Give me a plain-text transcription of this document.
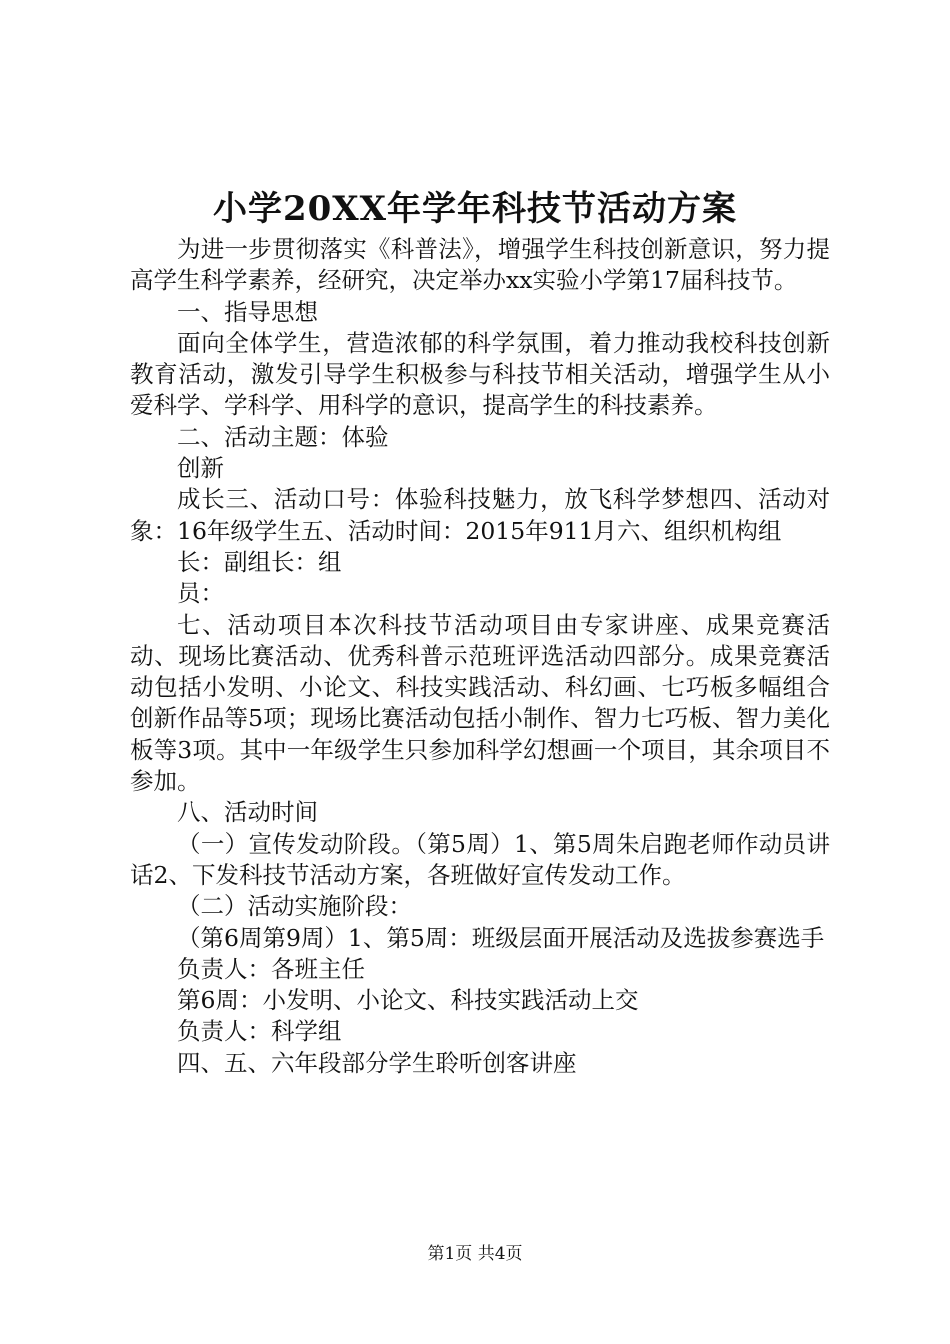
小学20XX年学年科技节活动方案

为进一步贯彻落实《科普法》，增强学生科技创新意识，努力提高学生科学素养，经研究，决定举办xx实验小学第17届科技节。

一、指导思想

面向全体学生，营造浓郁的科学氛围，着力推动我校科技创新教育活动，激发引导学生积极参与科技节相关活动，增强学生从小爱科学、学科学、用科学的意识，提高学生的科技素养。

二、活动主题：体验

创新

成长三、活动口号：体验科技魅力，放飞科学梦想四、活动对象：16年级学生五、活动时间：2015年911月六、组织机构组

长：副组长：组

员：

七、活动项目本次科技节活动项目由专家讲座、成果竞赛活动、现场比赛活动、优秀科普示范班评选活动四部分。成果竞赛活动包括小发明、小论文、科技实践活动、科幻画、七巧板多幅组合创新作品等5项；现场比赛活动包括小制作、智力七巧板、智力美化板等3项。其中一年级学生只参加科学幻想画一个项目，其余项目不参加。

八、活动时间

（一）宣传发动阶段。（第5周）1、第5周朱启跑老师作动员讲话2、下发科技节活动方案，各班做好宣传发动工作。

（二）活动实施阶段：

（第6周第9周）1、第5周：班级层面开展活动及选拔参赛选手

负责人：各班主任

第6周：小发明、小论文、科技实践活动上交

负责人：科学组

四、五、六年段部分学生聆听创客讲座

第1页 共4页
